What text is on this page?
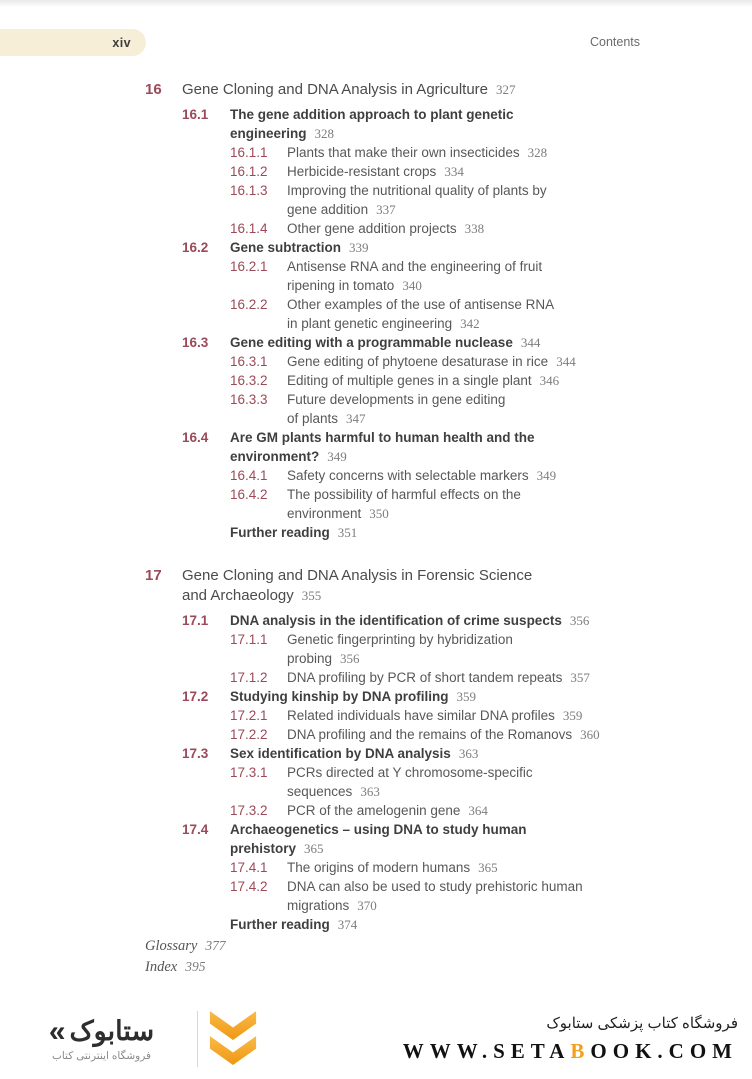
xiv	Contents
16	Gene Cloning and DNA Analysis in Agriculture 327
16.1	The gene addition approach to plant genetic
engineering 328
16.1.1	Plants that make their own insecticides 328
16.1.2	Herbicide-resistant crops 334
16.1.3	Improving the nutritional quality of plants by
gene addition 337
16.1.4	Other gene addition projects 338
16.2	Gene subtraction 339
16.2.1	Antisense RNA and the engineering of fruit
ripening in tomato 340
16.2.2	Other examples of the use of antisense RNA
in plant genetic engineering 342
16.3	Gene editing with a programmable nuclease 344
16.3.1	Gene editing of phytoene desaturase in rice 344
16.3.2	Editing of multiple genes in a single plant 346
16.3.3	Future developments in gene editing
of plants 347
16.4	Are GM plants harmful to human health and the
environment? 349
16.4.1	Safety concerns with selectable markers 349
16.4.2	The possibility of harmful effects on the
environment 350
Further reading 351
17	Gene Cloning and DNA Analysis in Forensic Science
and Archaeology 355
17.1	DNA analysis in the identification of crime suspects 356
17.1.1	Genetic fingerprinting by hybridization
probing 356
17.1.2	DNA profiling by PCR of short tandem repeats 357
17.2	Studying kinship by DNA profiling 359
17.2.1	Related individuals have similar DNA profiles 359
17.2.2	DNA profiling and the remains of the Romanovs 360
17.3	Sex identification by DNA analysis 363
17.3.1	PCRs directed at Y chromosome-specific
sequences 363
17.3.2	PCR of the amelogenin gene 364
17.4	Archaeogenetics – using DNA to study human
prehistory 365
17.4.1	The origins of modern humans 365
17.4.2	DNA can also be used to study prehistoric human
migrations 370
Further reading 374
Glossary 377
Index 395
« ستابوک
فروشگاه اینترنتی کتاب
فروشگاه کتاب پزشکی ستابوک
WWW.SETABOOK.COM
